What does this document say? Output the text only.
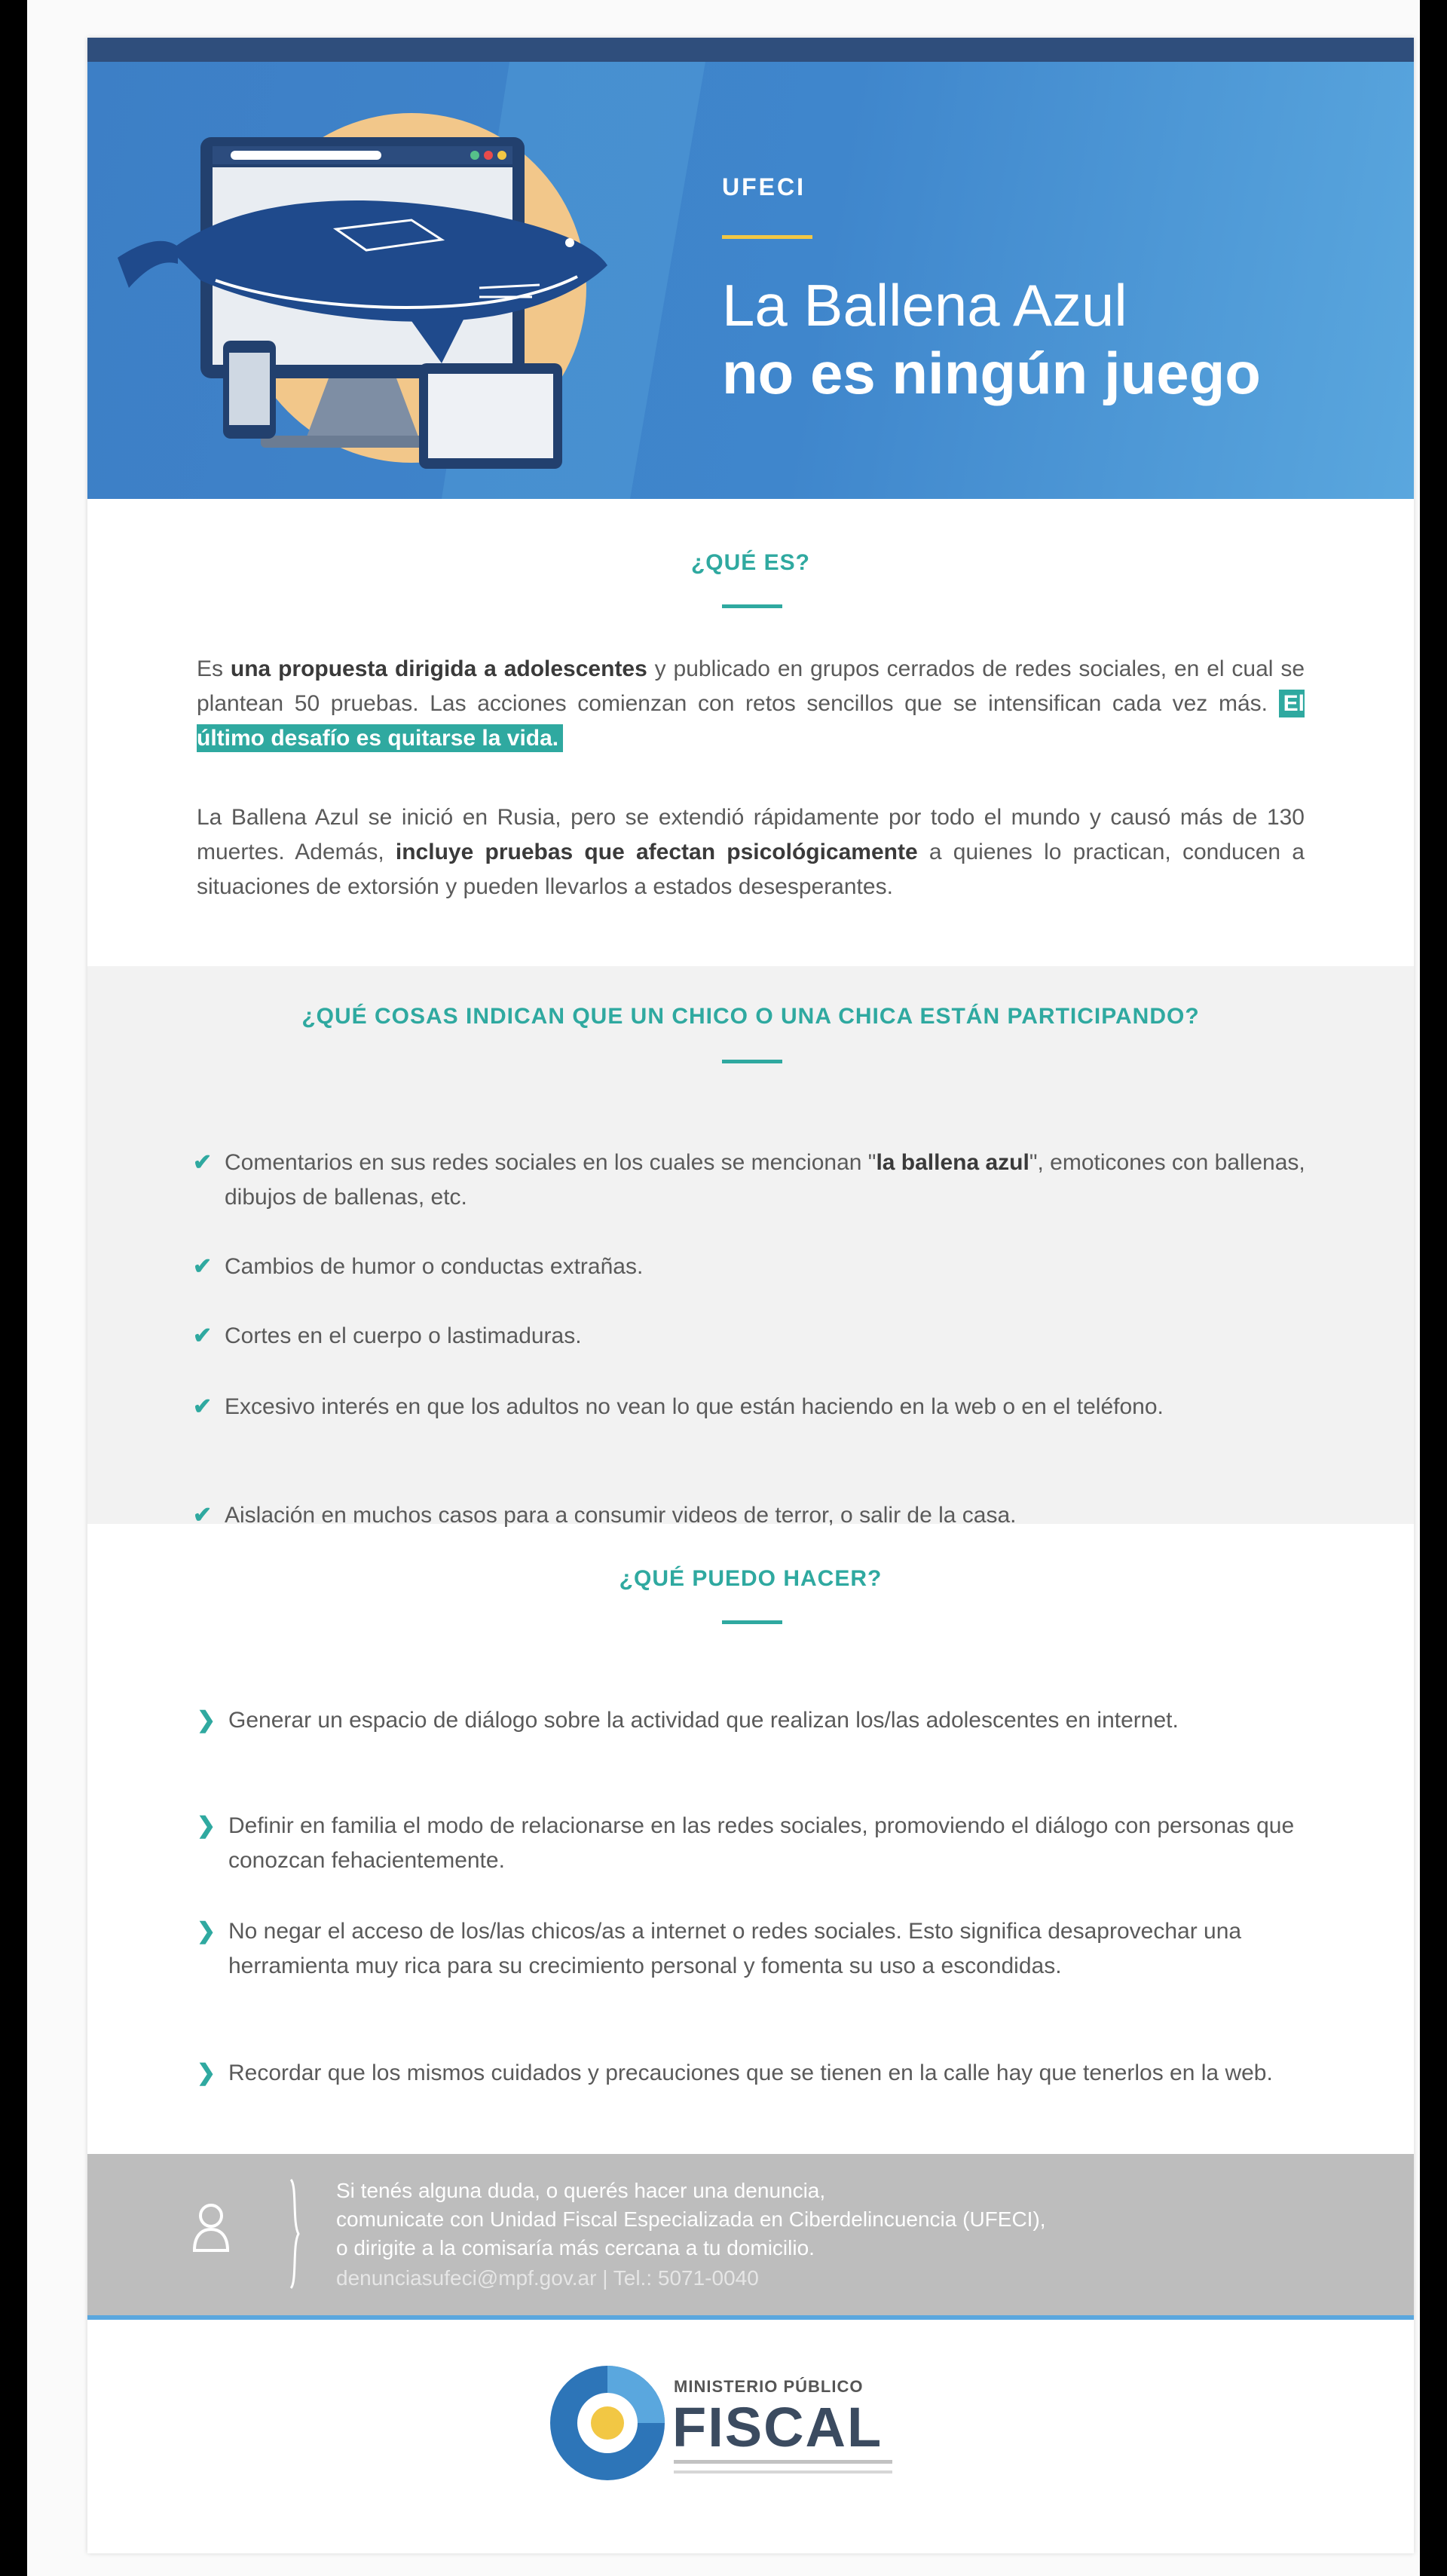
UFECI
La Ballena Azul
no es ningún juego
¿QUÉ ES?
Es una propuesta dirigida a adolescentes y publicado en grupos cerrados de redes sociales, en el cual se plantean 50 pruebas. Las acciones comienzan con retos sencillos que se intensifican cada vez más. El último desafío es quitarse la vida.
La Ballena Azul se inició en Rusia, pero se extendió rápidamente por todo el mundo y causó más de 130 muertes. Además, incluye pruebas que afectan psicológicamente a quienes lo practican, conducen a situaciones de extorsión y pueden llevarlos a estados desesperantes.
¿QUÉ COSAS INDICAN QUE UN CHICO O UNA CHICA ESTÁN PARTICIPANDO?
¿QUÉ PUEDO HACER?
Si tenés alguna duda, o querés hacer una denuncia,
comunicate con Unidad Fiscal Especializada en Ciberdelincuencia (UFECI),
o dirigite a la comisaría más cercana a tu domicilio.
denunciasufeci@mpf.gov.ar | Tel.: 5071-0040
MINISTERIO PÚBLICO
FISCAL
✔ Comentarios en sus redes sociales en los cuales se mencionan "la ballena azul", emoticones con ballenas, dibujos de ballenas, etc.
✔ Cambios de humor o conductas extrañas.
✔ Cortes en el cuerpo o lastimaduras.
✔ Excesivo interés en que los adultos no vean lo que están haciendo en la web o en el teléfono.
✔ Aislación en muchos casos para a consumir videos de terror, o salir de la casa.
❯ Generar un espacio de diálogo sobre la actividad que realizan los/las adolescentes en internet.
❯ Definir en familia el modo de relacionarse en las redes sociales, promoviendo el diálogo con personas que conozcan fehacientemente.
❯ No negar el acceso de los/las chicos/as a internet o redes sociales. Esto significa desaprovechar una herramienta muy rica para su crecimiento personal y fomenta su uso a escondidas.
❯ Recordar que los mismos cuidados y precauciones que se tienen en la calle hay que tenerlos en la web.
